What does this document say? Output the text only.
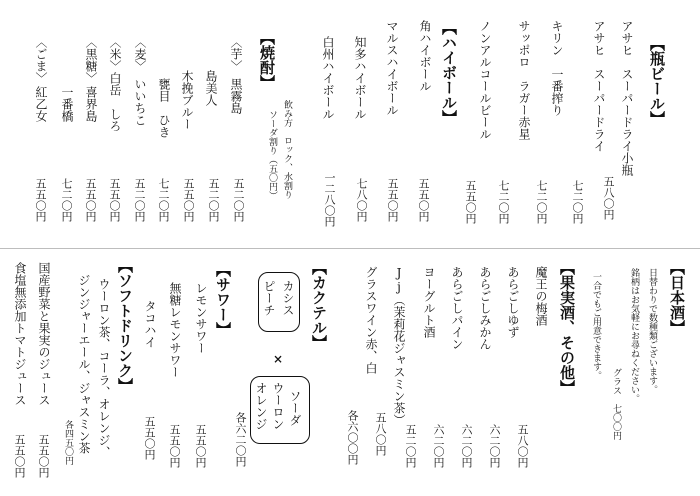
【瓶ビール】
アサヒ　スーパードライ小瓶
五八〇円
アサヒ　スーパードライ
七二〇円
キリン　一番搾り
七二〇円
サッポロ　ラガー赤星
七二〇円
ノンアルコールビール
五五〇円
【ハイボール】
角ハイボール
五五〇円
マルスハイボール
五五〇円
知多ハイボール
七八〇円
白州ハイボール
一二八〇円
【焼酎】
飲み方　ロック、水割り
ソーダ割り（五〇円）
〈芋〉
黒霧島
五二〇円
島美人
五二〇円
木挽ブルー
五五〇円
甕目　ひき
七二〇円
〈麦〉
いいちこ
五二〇円
〈米〉
白岳　しろ
五五〇円
〈黒糖〉
喜界島
五五〇円
一番橋
七二〇円
〈ごま〉
紅乙女
五五〇円
【日本酒】
日替わりで数種類ございます。
銘柄はお気軽にお尋ねください。
グラス　七〇〇円
一合でもご用意できます。
【果実酒、その他】
魔王の梅酒
五八〇円
あらごしゆず
六二〇円
あらごしみかん
六二〇円
あらごしパイン
六二〇円
ヨーグルト酒
五二〇円
Jj（茉莉花ジャスミン茶）
五八〇円
グラスワイン赤、白
各六〇〇円
【カクテル】
カシス
ピーチ
×
ソーダ
ウーロン
オレンジ
各六二〇円
【サワー】
レモンサワー
五五〇円
無糖レモンサワー
五五〇円
タコハイ
五五〇円
【ソフトドリンク】
ウーロン茶、コーラ、オレンジ、
ジンジャーエール、ジャスミン茶
各四五〇円
国産野菜と果実のジュース
五五〇円
食塩無添加トマトジュース
五五〇円
